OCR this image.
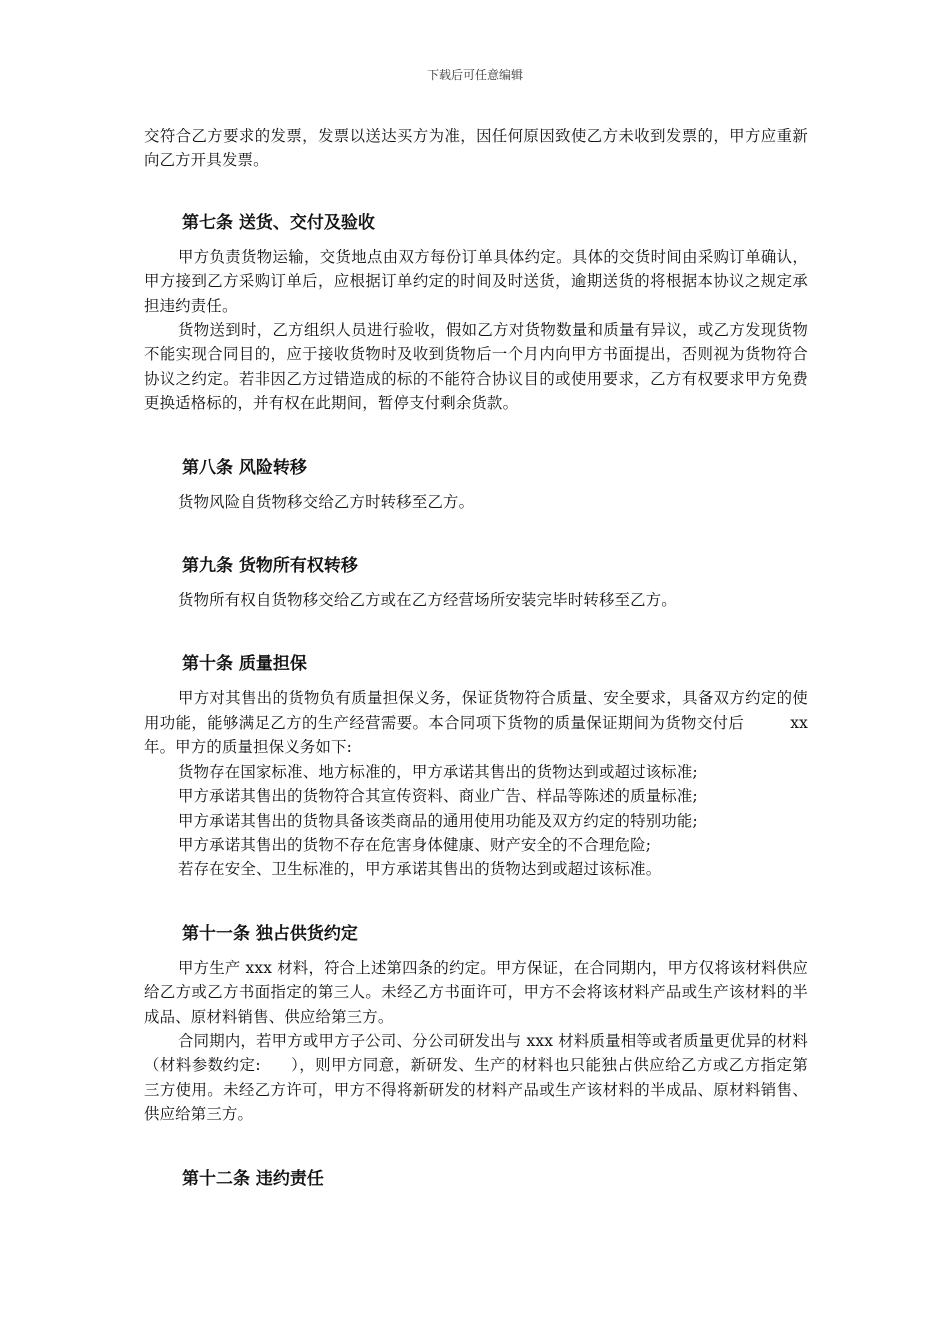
下载后可任意编辑

交符合乙方要求的发票，发票以送达买方为准，因任何原因致使乙方未收到发票的，甲方应重新向乙方开具发票。

第七条 送货、交付及验收

甲方负责货物运输，交货地点由双方每份订单具体约定。具体的交货时间由采购订单确认，甲方接到乙方采购订单后，应根据订单约定的时间及时送货，逾期送货的将根据本协议之规定承担违约责任。

货物送到时，乙方组织人员进行验收，假如乙方对货物数量和质量有异议，或乙方发现货物不能实现合同目的，应于接收货物时及收到货物后一个月内向甲方书面提出，否则视为货物符合协议之约定。若非因乙方过错造成的标的不能符合协议目的或使用要求，乙方有权要求甲方免费更换适格标的，并有权在此期间，暂停支付剩余货款。

第八条 风险转移

货物风险自货物移交给乙方时转移至乙方。

第九条 货物所有权转移

货物所有权自货物移交给乙方或在乙方经营场所安装完毕时转移至乙方。

第十条 质量担保

甲方对其售出的货物负有质量担保义务，保证货物符合质量、安全要求，具备双方约定的使用功能，能够满足乙方的生产经营需要。本合同项下货物的质量保证期间为货物交付后	xx 年。甲方的质量担保义务如下:

货物存在国家标准、地方标准的，甲方承诺其售出的货物达到或超过该标准;

甲方承诺其售出的货物符合其宣传资料、商业广告、样品等陈述的质量标准;

甲方承诺其售出的货物具备该类商品的通用使用功能及双方约定的特别功能;

甲方承诺其售出的货物不存在危害身体健康、财产安全的不合理危险;

若存在安全、卫生标准的，甲方承诺其售出的货物达到或超过该标准。

第十一条 独占供货约定

甲方生产 xxx 材料，符合上述第四条的约定。甲方保证，在合同期内，甲方仅将该材料供应给乙方或乙方书面指定的第三人。未经乙方书面许可，甲方不会将该材料产品或生产该材料的半成品、原材料销售、供应给第三方。

合同期内，若甲方或甲方子公司、分公司研发出与 xxx 材料质量相等或者质量更优异的材料（材料参数约定: ），则甲方同意，新研发、生产的材料也只能独占供应给乙方或乙方指定第三方使用。未经乙方许可，甲方不得将新研发的材料产品或生产该材料的半成品、原材料销售、供应给第三方。

第十二条 违约责任
